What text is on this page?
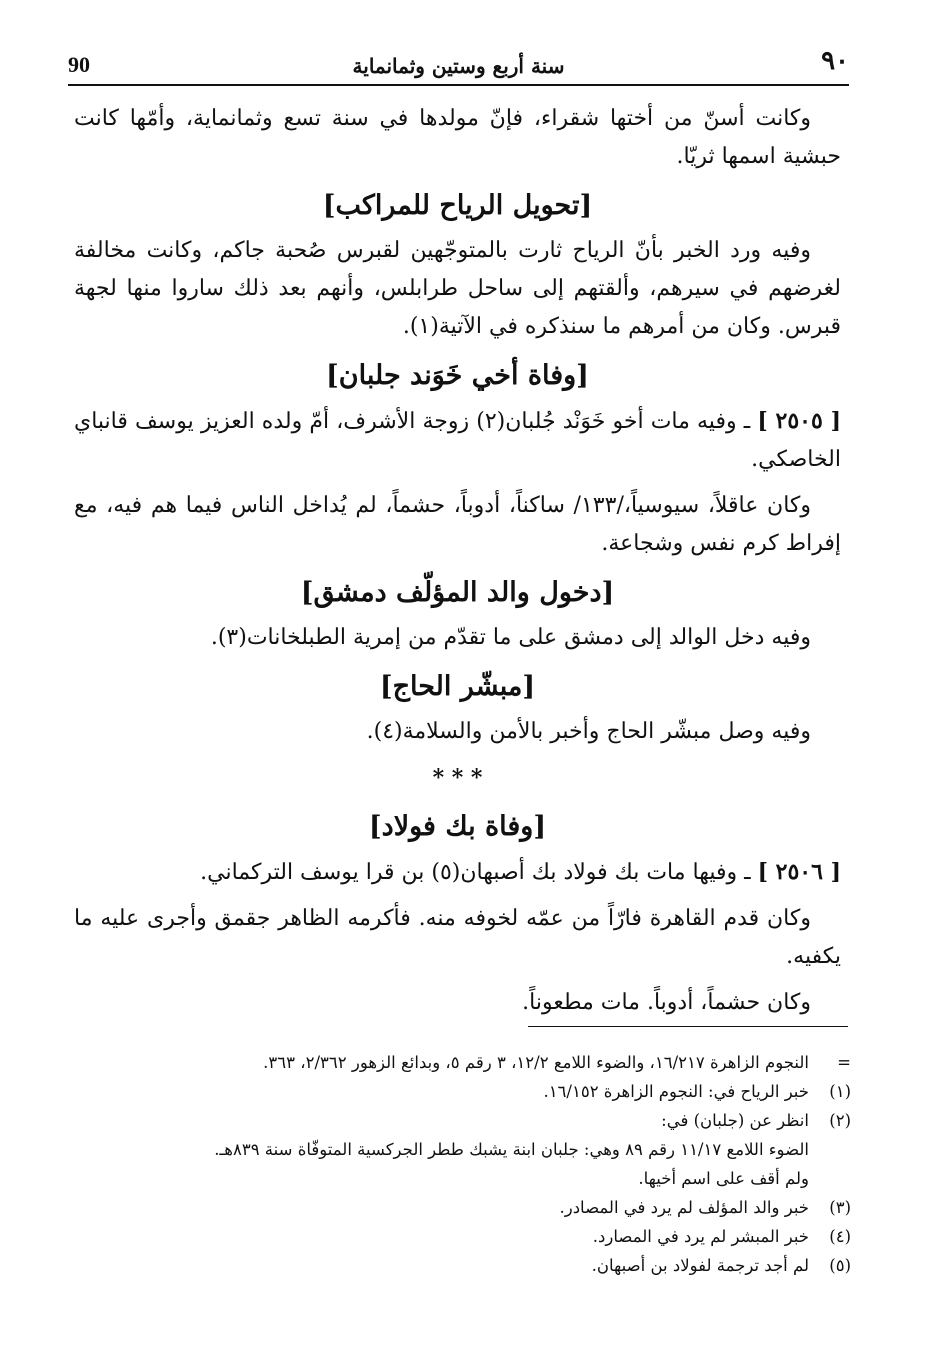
٩٠
سنة أربع وستين وثمانماية
90

وكانت أسنّ من أختها شقراء، فإنّ مولدها في سنة تسع وثمانماية، وأمّها كانت حبشية اسمها ثريّا.

[تحويل الرياح للمراكب]

وفيه ورد الخبر بأنّ الرياح ثارت بالمتوجّهين لقبرس صُحبة جاكم، وكانت مخالفة لغرضهم في سيرهم، وألقتهم إلى ساحل طرابلس، وأنهم بعد ذلك ساروا منها لجهة قبرس. وكان من أمرهم ما سنذكره في الآتية(١).

[وفاة أخي خَوَند جلبان]

[ ٢٥٠٥ ] ـ وفيه مات أخو خَوَنْد جُلبان(٢) زوجة الأشرف، أمّ ولده العزيز يوسف قانباي الخاصكي.

وكان عاقلاً، سيوسياً،/١٣٣/ ساكناً، أدوباً، حشماً، لم يُداخل الناس فيما هم فيه، مع إفراط كرم نفس وشجاعة.

[دخول والد المؤلّف دمشق]

وفيه دخل الوالد إلى دمشق على ما تقدّم من إمرية الطبلخانات(٣).

[مبشّر الحاج]

وفيه وصل مبشّر الحاج وأخبر بالأمن والسلامة(٤).

* * *
[وفاة بك فولاد]

[ ٢٥٠٦ ] ـ وفيها مات بك فولاد بك أصبهان(٥) بن قرا يوسف التركماني.

وكان قدم القاهرة فارّاً من عمّه لخوفه منه. فأكرمه الظاهر جقمق وأجرى عليه ما يكفيه.

وكان حشماً، أدوباً. مات مطعوناً.

=
النجوم الزاهرة ١٦/٢١٧، والضوء اللامع ١٢/٢، ٣ رقم ٥، وبدائع الزهور ٢/٣٦٢، ٣٦٣.
(١)
خبر الرياح في: النجوم الزاهرة ١٦/١٥٢.
(٢)
انظر عن (جلبان) في:
الضوء اللامع ١١/١٧ رقم ٨٩ وهي: جلبان ابنة يشبك ططر الجركسية المتوفّاة سنة ٨٣٩هـ.
ولم أقف على اسم أخيها.
(٣)
خبر والد المؤلف لم يرد في المصادر.
(٤)
خبر المبشر لم يرد في المصارد.
(٥)
لم أجد ترجمة لفولاد بن أصبهان.
